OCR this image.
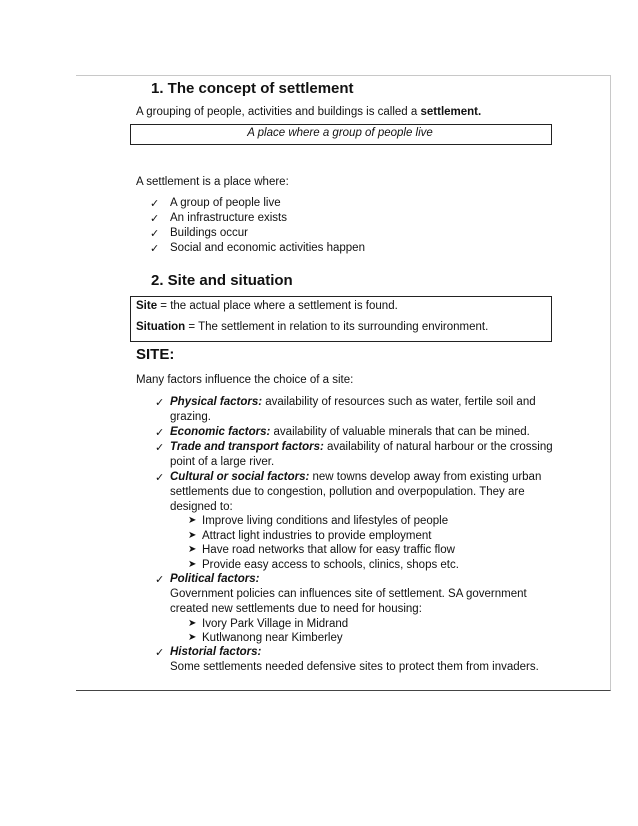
1. The concept of settlement
A grouping of people, activities and buildings is called a settlement.
A place where a group of people live
A settlement is a place where:
✓ A group of people live
✓ An infrastructure exists
✓ Buildings occur
✓ Social and economic activities happen
2. Site and situation
Site = the actual place where a settlement is found.
Situation = The settlement in relation to its surrounding environment.
SITE:
Many factors influence the choice of a site:
✓ Physical factors: availability of resources such as water, fertile soil and
grazing.
✓ Economic factors: availability of valuable minerals that can be mined.
✓ Trade and transport factors: availability of natural harbour or the crossing
point of a large river.
✓ Cultural or social factors: new towns develop away from existing urban
settlements due to congestion, pollution and overpopulation. They are
designed to:
➤ Improve living conditions and lifestyles of people
➤ Attract light industries to provide employment
➤ Have road networks that allow for easy traffic flow
➤ Provide easy access to schools, clinics, shops etc.
✓ Political factors:
Government policies can influences site of settlement. SA government
created new settlements due to need for housing:
➤ Ivory Park Village in Midrand
➤ Kutlwanong near Kimberley
✓ Historial factors:
Some settlements needed defensive sites to protect them from invaders.
